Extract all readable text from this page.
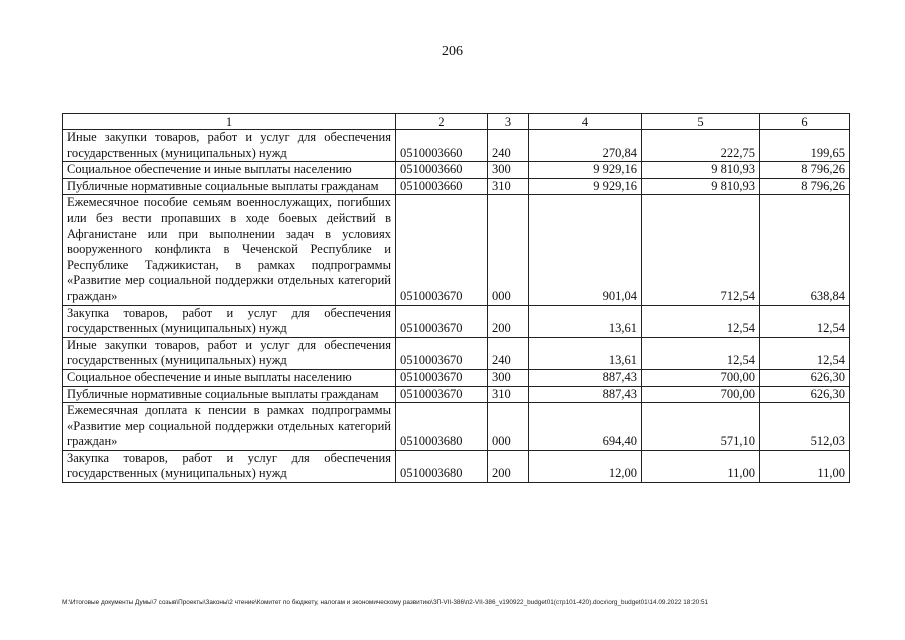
206
1	2	3	4	5	6
Иные закупки товаров, работ и услуг для обеспечения государственных (муниципальных) нужд	0510003660	240	270,84	222,75	199,65
Социальное обеспечение и иные выплаты населению	0510003660	300	9 929,16	9 810,93	8 796,26
Публичные нормативные социальные выплаты гражданам	0510003660	310	9 929,16	9 810,93	8 796,26
Ежемесячное пособие семьям военнослужащих, погибших или без вести пропавших в ходе боевых действий в Афганистане или при выполнении задач в условиях вооруженного конфликта в Чеченской Республике и Республике Таджикистан, в рамках подпрограммы «Развитие мер социальной поддержки отдельных категорий граждан»	0510003670	000	901,04	712,54	638,84
Закупка товаров, работ и услуг для обеспечения государственных (муниципальных) нужд	0510003670	200	13,61	12,54	12,54
Иные закупки товаров, работ и услуг для обеспечения государственных (муниципальных) нужд	0510003670	240	13,61	12,54	12,54
Социальное обеспечение и иные выплаты населению	0510003670	300	887,43	700,00	626,30
Публичные нормативные социальные выплаты гражданам	0510003670	310	887,43	700,00	626,30
Ежемесячная доплата к пенсии в рамках подпрограммы «Развитие мер социальной поддержки отдельных категорий граждан»	0510003680	000	694,40	571,10	512,03
Закупка товаров, работ и услуг для обеспечения государственных (муниципальных) нужд	0510003680	200	12,00	11,00	11,00
M:\Итоговые документы Думы\7 созыв\Проекты\Законы\2 чтение\Комитет по бюджету, налогам и экономическому развитию\ЗП-VII-386\п2-VII-386_v190922_budget01(стр101-420).docx\org_budget01\14.09.2022 18:20:51
